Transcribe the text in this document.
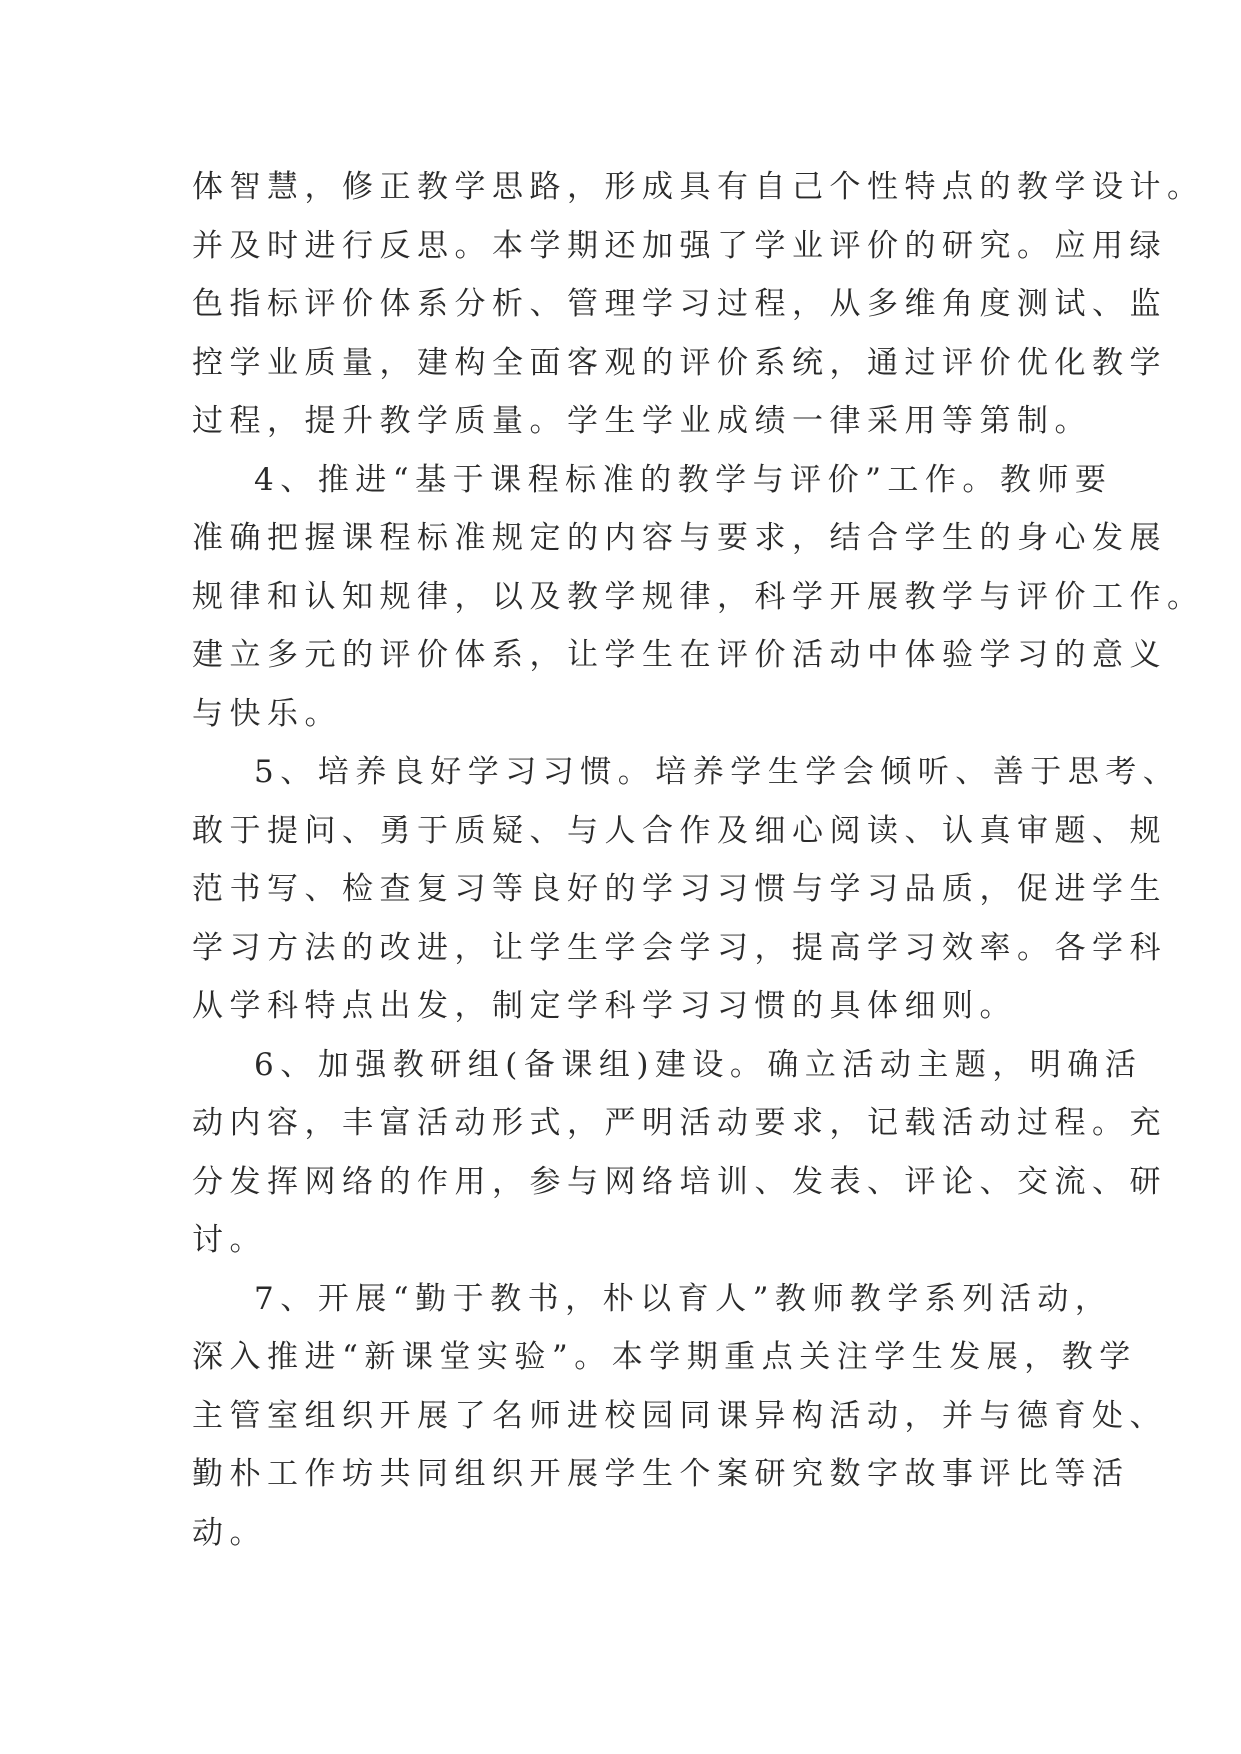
体智慧，修正教学思路，形成具有自己个性特点的教学设计。
并及时进行反思。本学期还加强了学业评价的研究。应用绿
色指标评价体系分析、管理学习过程，从多维角度测试、监
控学业质量，建构全面客观的评价系统，通过评价优化教学
过程，提升教学质量。学生学业成绩一律采用等第制。
4、推进“基于课程标准的教学与评价”工作。教师要
准确把握课程标准规定的内容与要求，结合学生的身心发展
规律和认知规律，以及教学规律，科学开展教学与评价工作。
建立多元的评价体系，让学生在评价活动中体验学习的意义
与快乐。
5、培养良好学习习惯。培养学生学会倾听、善于思考、
敢于提问、勇于质疑、与人合作及细心阅读、认真审题、规
范书写、检查复习等良好的学习习惯与学习品质，促进学生
学习方法的改进，让学生学会学习，提高学习效率。各学科
从学科特点出发，制定学科学习习惯的具体细则。
6、加强教研组(备课组)建设。确立活动主题，明确活
动内容，丰富活动形式，严明活动要求，记载活动过程。充
分发挥网络的作用，参与网络培训、发表、评论、交流、研
讨。
7、开展“勤于教书，朴以育人”教师教学系列活动，
深入推进“新课堂实验”。本学期重点关注学生发展，教学
主管室组织开展了名师进校园同课异构活动，并与德育处、
勤朴工作坊共同组织开展学生个案研究数字故事评比等活
动。
